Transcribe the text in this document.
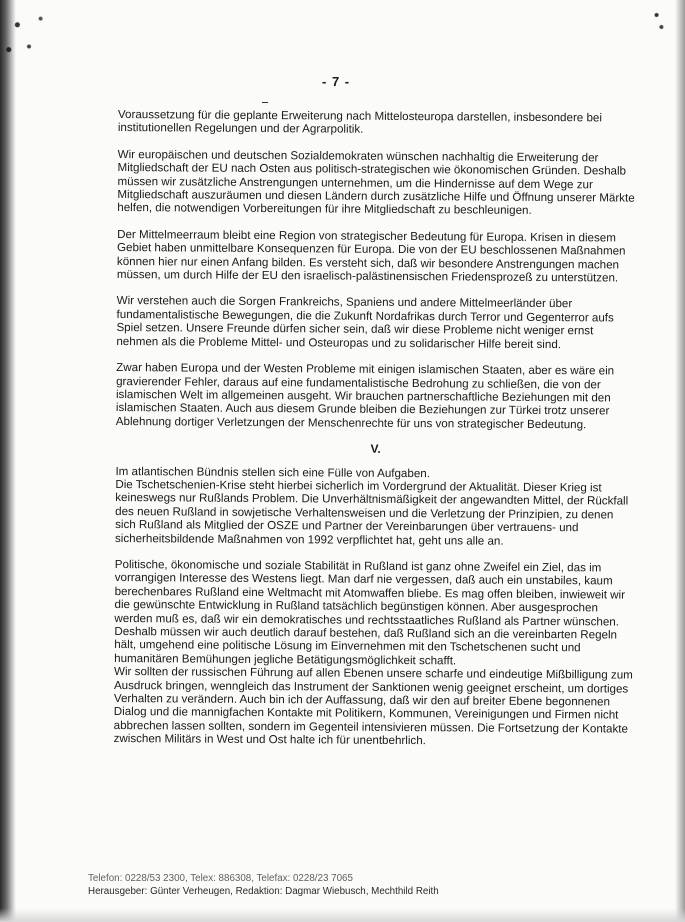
- 7 -

Voraussetzung für die geplante Erweiterung nach Mittelosteuropa darstellen, insbesondere bei institutionellen Regelungen und der Agrarpolitik.

Wir europäischen und deutschen Sozialdemokraten wünschen nachhaltig die Erweiterung der Mitgliedschaft der EU nach Osten aus politisch-strategischen wie ökonomischen Gründen. Deshalb müssen wir zusätzliche Anstrengungen unternehmen, um die Hindernisse auf dem Wege zur Mitgliedschaft auszuräumen und diesen Ländern durch zusätzliche Hilfe und Öffnung unserer Märkte helfen, die notwendigen Vorbereitungen für ihre Mitgliedschaft zu beschleunigen.

Der Mittelmeerraum bleibt eine Region von strategischer Bedeutung für Europa. Krisen in diesem Gebiet haben unmittelbare Konsequenzen für Europa. Die von der EU beschlossenen Maßnahmen können hier nur einen Anfang bilden. Es versteht sich, daß wir besondere Anstrengungen machen müssen, um durch Hilfe der EU den israelisch-palästinensischen Friedensprozeß zu unterstützen.

Wir verstehen auch die Sorgen Frankreichs, Spaniens und andere Mittelmeerländer über fundamentalistische Bewegungen, die die Zukunft Nordafrikas durch Terror und Gegenterror aufs Spiel setzen. Unsere Freunde dürfen sicher sein, daß wir diese Probleme nicht weniger ernst nehmen als die Probleme Mittel- und Osteuropas und zu solidarischer Hilfe bereit sind.

Zwar haben Europa und der Westen Probleme mit einigen islamischen Staaten, aber es wäre ein gravierender Fehler, daraus auf eine fundamentalistische Bedrohung zu schließen, die von der islamischen Welt im allgemeinen ausgeht. Wir brauchen partnerschaftliche Beziehungen mit den islamischen Staaten. Auch aus diesem Grunde bleiben die Beziehungen zur Türkei trotz unserer Ablehnung dortiger Verletzungen der Menschenrechte für uns von strategischer Bedeutung.

V.

Im atlantischen Bündnis stellen sich eine Fülle von Aufgaben.

Die Tschetschenien-Krise steht hierbei sicherlich im Vordergrund der Aktualität. Dieser Krieg ist keineswegs nur Rußlands Problem. Die Unverhältnismäßigkeit der angewandten Mittel, der Rückfall des neuen Rußland in sowjetische Verhaltensweisen und die Verletzung der Prinzipien, zu denen sich Rußland als Mitglied der OSZE und Partner der Vereinbarungen über vertrauens- und sicherheitsbildende Maßnahmen von 1992 verpflichtet hat, geht uns alle an.

Politische, ökonomische und soziale Stabilität in Rußland ist ganz ohne Zweifel ein Ziel, das im vorrangigen Interesse des Westens liegt. Man darf nie vergessen, daß auch ein unstabiles, kaum berechenbares Rußland eine Weltmacht mit Atomwaffen bliebe. Es mag offen bleiben, inwieweit wir die gewünschte Entwicklung in Rußland tatsächlich begünstigen können. Aber ausgesprochen werden muß es, daß wir ein demokratisches und rechtsstaatliches Rußland als Partner wünschen. Deshalb müssen wir auch deutlich darauf bestehen, daß Rußland sich an die vereinbarten Regeln hält, umgehend eine politische Lösung im Einvernehmen mit den Tschetschenen sucht und humanitären Bemühungen jegliche Betätigungsmöglichkeit schafft.

Wir sollten der russischen Führung auf allen Ebenen unsere scharfe und eindeutige Mißbilligung zum Ausdruck bringen, wenngleich das Instrument der Sanktionen wenig geeignet erscheint, um dortiges Verhalten zu verändern. Auch bin ich der Auffassung, daß wir den auf breiter Ebene begonnenen Dialog und die mannigfachen Kontakte mit Politikern, Kommunen, Vereinigungen und Firmen nicht abbrechen lassen sollten, sondern im Gegenteil intensivieren müssen. Die Fortsetzung der Kontakte zwischen Militärs in West und Ost halte ich für unentbehrlich.

Telefon: 0228/53 2300, Telex: 886308, Telefax: 0228/23 7065
Herausgeber: Günter Verheugen, Redaktion: Dagmar Wiebusch, Mechthild Reith
